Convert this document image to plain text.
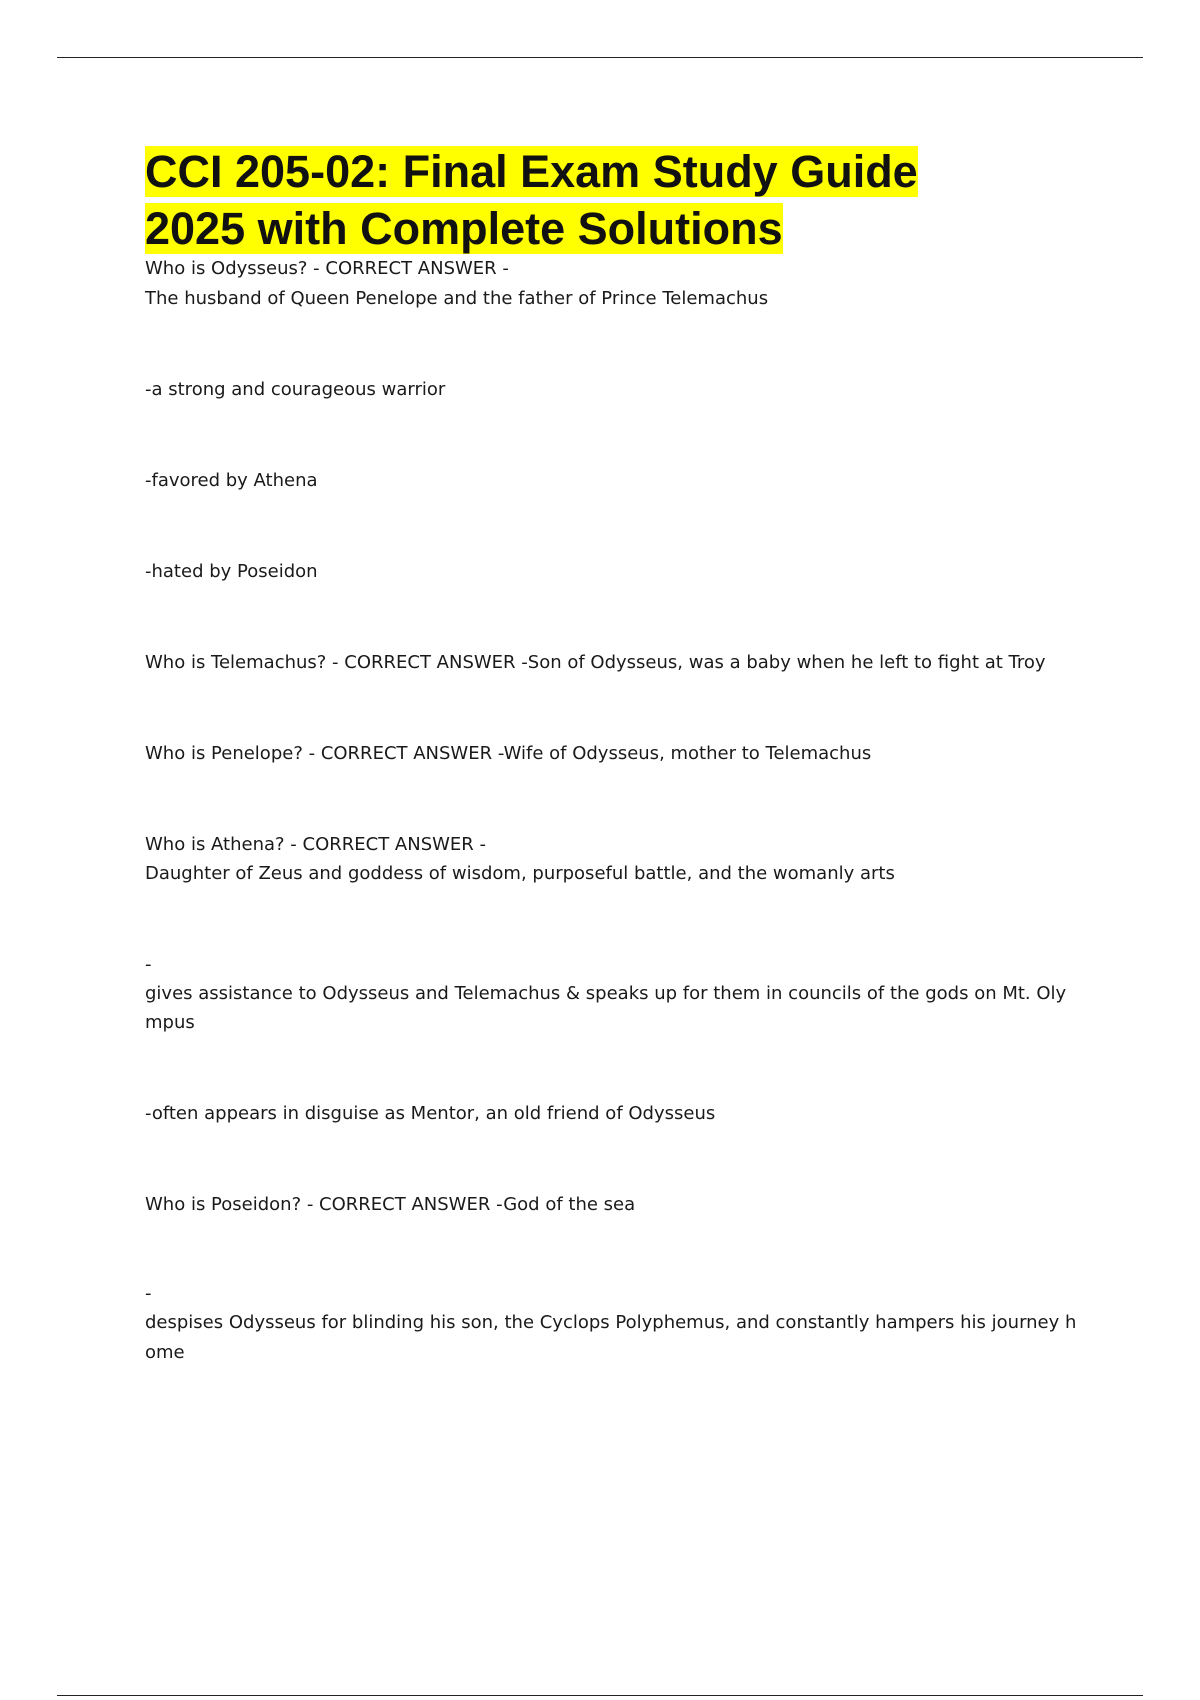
CCI 205-02: Final Exam Study Guide
2025 with Complete Solutions

Who is Odysseus? - CORRECT ANSWER -

The husband of Queen Penelope and the father of Prince Telemachus

-a strong and courageous warrior

-favored by Athena

-hated by Poseidon

Who is Telemachus? - CORRECT ANSWER -Son of Odysseus, was a baby when he left to fight at Troy

Who is Penelope? - CORRECT ANSWER -Wife of Odysseus, mother to Telemachus

Who is Athena? - CORRECT ANSWER -

Daughter of Zeus and goddess of wisdom, purposeful battle, and the womanly arts

-

gives assistance to Odysseus and Telemachus & speaks up for them in councils of the gods on Mt. Oly

mpus

-often appears in disguise as Mentor, an old friend of Odysseus

Who is Poseidon? - CORRECT ANSWER -God of the sea

-

despises Odysseus for blinding his son, the Cyclops Polyphemus, and constantly hampers his journey h

ome
